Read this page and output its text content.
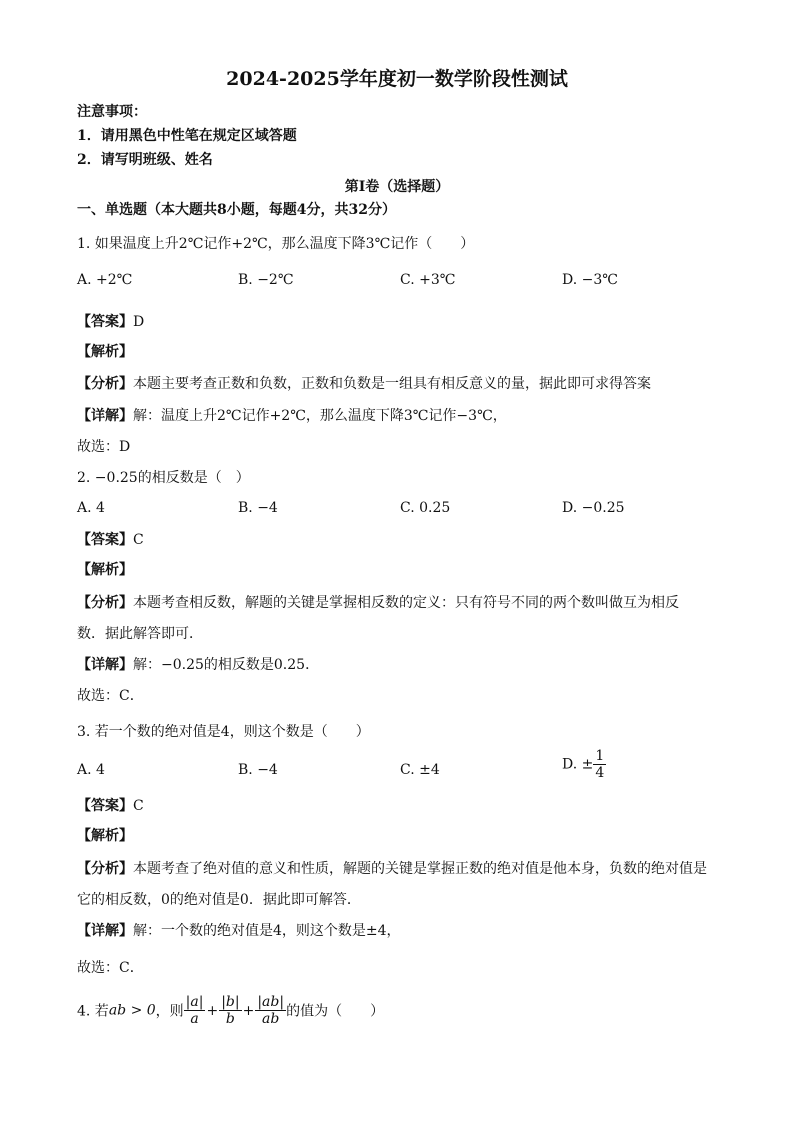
2024-2025学年度初一数学阶段性测试
注意事项：
1．请用黑色中性笔在规定区域答题
2．请写明班级、姓名
第Ⅰ卷（选择题）
一、单选题（本大题共8小题，每题4分，共32分）
1. 如果温度上升2℃记作+2℃，那么温度下降3℃记作（　　）
A. +2℃	B. −2℃	C. +3℃	D. −3℃
【答案】D
【解析】
【分析】本题主要考查正数和负数，正数和负数是一组具有相反意义的量，据此即可求得答案
【详解】解：温度上升2℃记作+2℃，那么温度下降3℃记作−3℃，
故选：D
2. −0.25的相反数是（　）
A. 4	B. −4	C. 0.25	D. −0.25
【答案】C
【解析】
【分析】本题考查相反数，解题的关键是掌握相反数的定义：只有符号不同的两个数叫做互为相反
数．据此解答即可．
【详解】解：−0.25的相反数是0.25．
故选：C．
3. 若一个数的绝对值是4，则这个数是（　　）
A. 4	B. −4	C. ±4	D. ± $\frac{1}{4}$
【答案】C
【解析】
【分析】本题考查了绝对值的意义和性质，解题的关键是掌握正数的绝对值是他本身，负数的绝对值是
它的相反数，0的绝对值是0．据此即可解答．
【详解】解：一个数的绝对值是4，则这个数是±4，
故选：C．
4. 若ab > 0，则 $\frac{|a|}{a} + \frac{|b|}{b} + \frac{|ab|}{ab}$ 的值为（　　）
